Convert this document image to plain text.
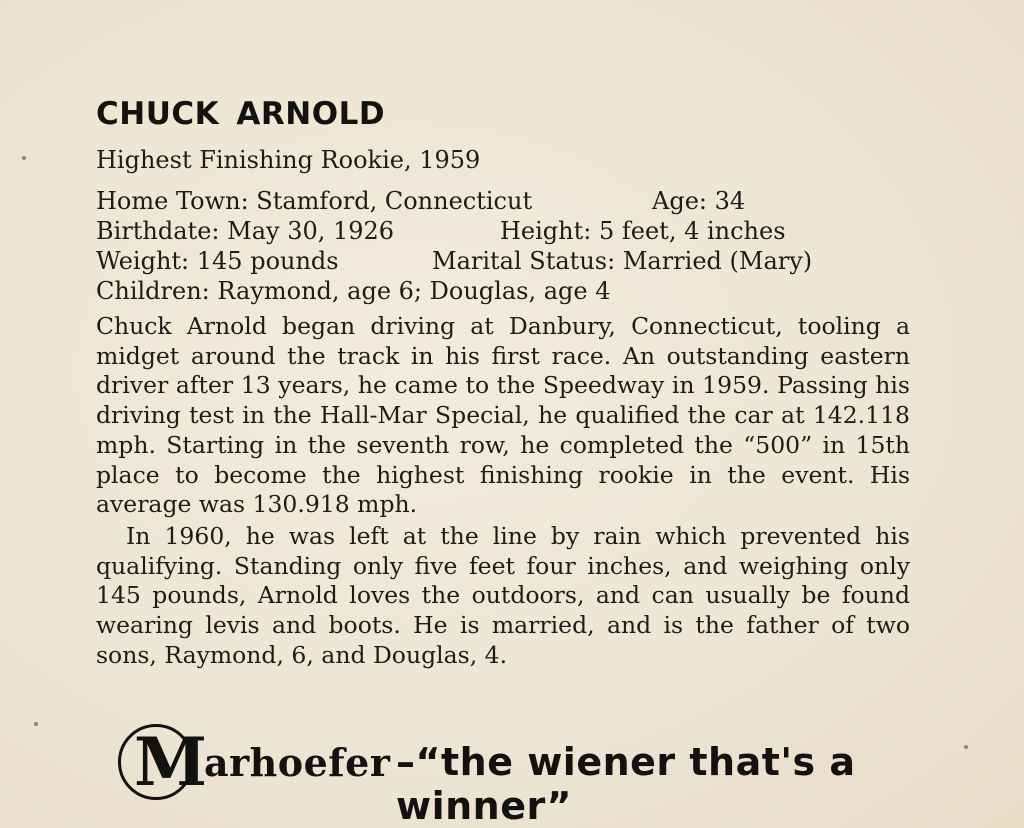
CHUCK ARNOLD
Highest Finishing Rookie, 1959
Home Town: Stamford, Connecticut	Age: 34
Birthdate: May 30, 1926	Height: 5 feet, 4 inches
Weight: 145 pounds	Marital Status: Married (Mary)
Children: Raymond, age 6; Douglas, age 4

Chuck Arnold began driving at Danbury, Connecticut, tooling a midget around the track in his first race. An outstanding eastern driver after 13 years, he came to the Speedway in 1959. Passing his driving test in the Hall-Mar Special, he qualified the car at 142.118 mph. Starting in the seventh row, he completed the “500” in 15th place to become the highest finishing rookie in the event. His average was 130.918 mph.

In 1960, he was left at the line by rain which prevented his qualifying. Standing only five feet four inches, and weighing only 145 pounds, Arnold loves the outdoors, and can usually be found wearing levis and boots. He is married, and is the father of two sons, Raymond, 6, and Douglas, 4.

M
arhoefer –“the wiener that's a winner”
